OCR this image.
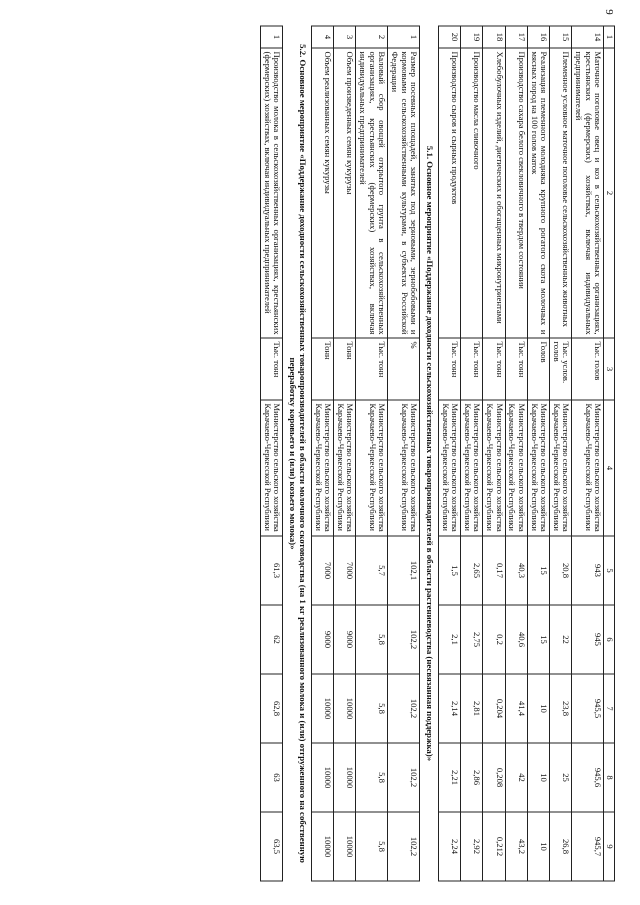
9
1	2	3	4	5	6	7	8	9
14	Маточное поголовье овец и коз в сельскохозяйственных организациях, крестьянских (фермерских) хозяйствах, включая индивидуальных предпринимателей	Тыс. голов	Министерство сельского хозяйства Карачаево-Черкесской Республики	943	945	945,5	945,6	945,7
15	Племенное условное маточное поголовье сельскохозяйственных животных	Тыс. услов. голов	Министерство сельского хозяйства Карачаево-Черкесской Республики	20,8	22	23,8	25	26,8
16	Реализация племенного молодняка крупного рогатого скота молочных и мясных пород на 100 голов маток	Голов	Министерство сельского хозяйства Карачаево-Черкесской Республики	15	15	10	10	10
17	Производство сахара белого свекловичного в твердом состоянии	Тыс. тонн	Министерство сельского хозяйства Карачаево-Черкесской Республики	40,3	40,6	41,4	42	43,2
18	Хлебобулочных изделий, диетических и обогащенных микронутриентами	Тыс. тонн	Министерство сельского хозяйства Карачаево-Черкесской Республики	0,17	0,2	0,204	0,208	0,212
19	Производство масла сливочного	Тыс. тонн	Министерство сельского хозяйства Карачаево-Черкесской Республики	2,65	2,75	2,81	2,86	2,92
20	Производство сыров и сырных продуктов	Тыс. тонн	Министерство сельского хозяйства Карачаево-Черкесской Республики	1,5	2,1	2,14	2,21	2,24
5.1. Основное мероприятие «Поддержание доходности сельскохозяйственных товаропроизводителей в области растениеводства (несвязанная поддержка)»								
1	Размер посевных площадей, занятых под зерновыми, зернобобовыми и кормовыми сельскохозяйственными культурами, в субъектах Российской Федерации	%	Министерство сельского хозяйства Карачаево-Черкесской Республики	102,1	102,2	102,2	102,2	102,2
2	Валовый сбор овощей открытого грунта в сельскохозяйственных организациях, крестьянских (фермерских) хозяйствах, включая индивидуальных предпринимателей	Тыс. тонн	Министерство сельского хозяйства Карачаево-Черкесской Республики	5,7	5,8	5,8	5,8	5,8
3	Объем произведенных семян кукурузы	Тонн	Министерство сельского хозяйства Карачаево-Черкесской Республики	7000	9000	10000	10000	10000
4	Объем реализованных семян кукурузы	Тонн	Министерство сельского хозяйства Карачаево-Черкесской Республики	7000	9000	10000	10000	10000
5.2. Основное мероприятие «Поддержание доходности сельскохозяйственных товаропроизводителей в области молочного скотоводства (на 1 кг реализованного молока и (или) отгруженного на собственную переработку коровьего и (или) козьего молока)»								
1	Производство молока в сельскохозяйственных организациях, крестьянских (фермерских) хозяйствах, включая индивидуальных предпринимателей	Тыс. тонн	Министерство сельского хозяйства Карачаево-Черкесской Республики	61,3	62	62,8	63	63,5
